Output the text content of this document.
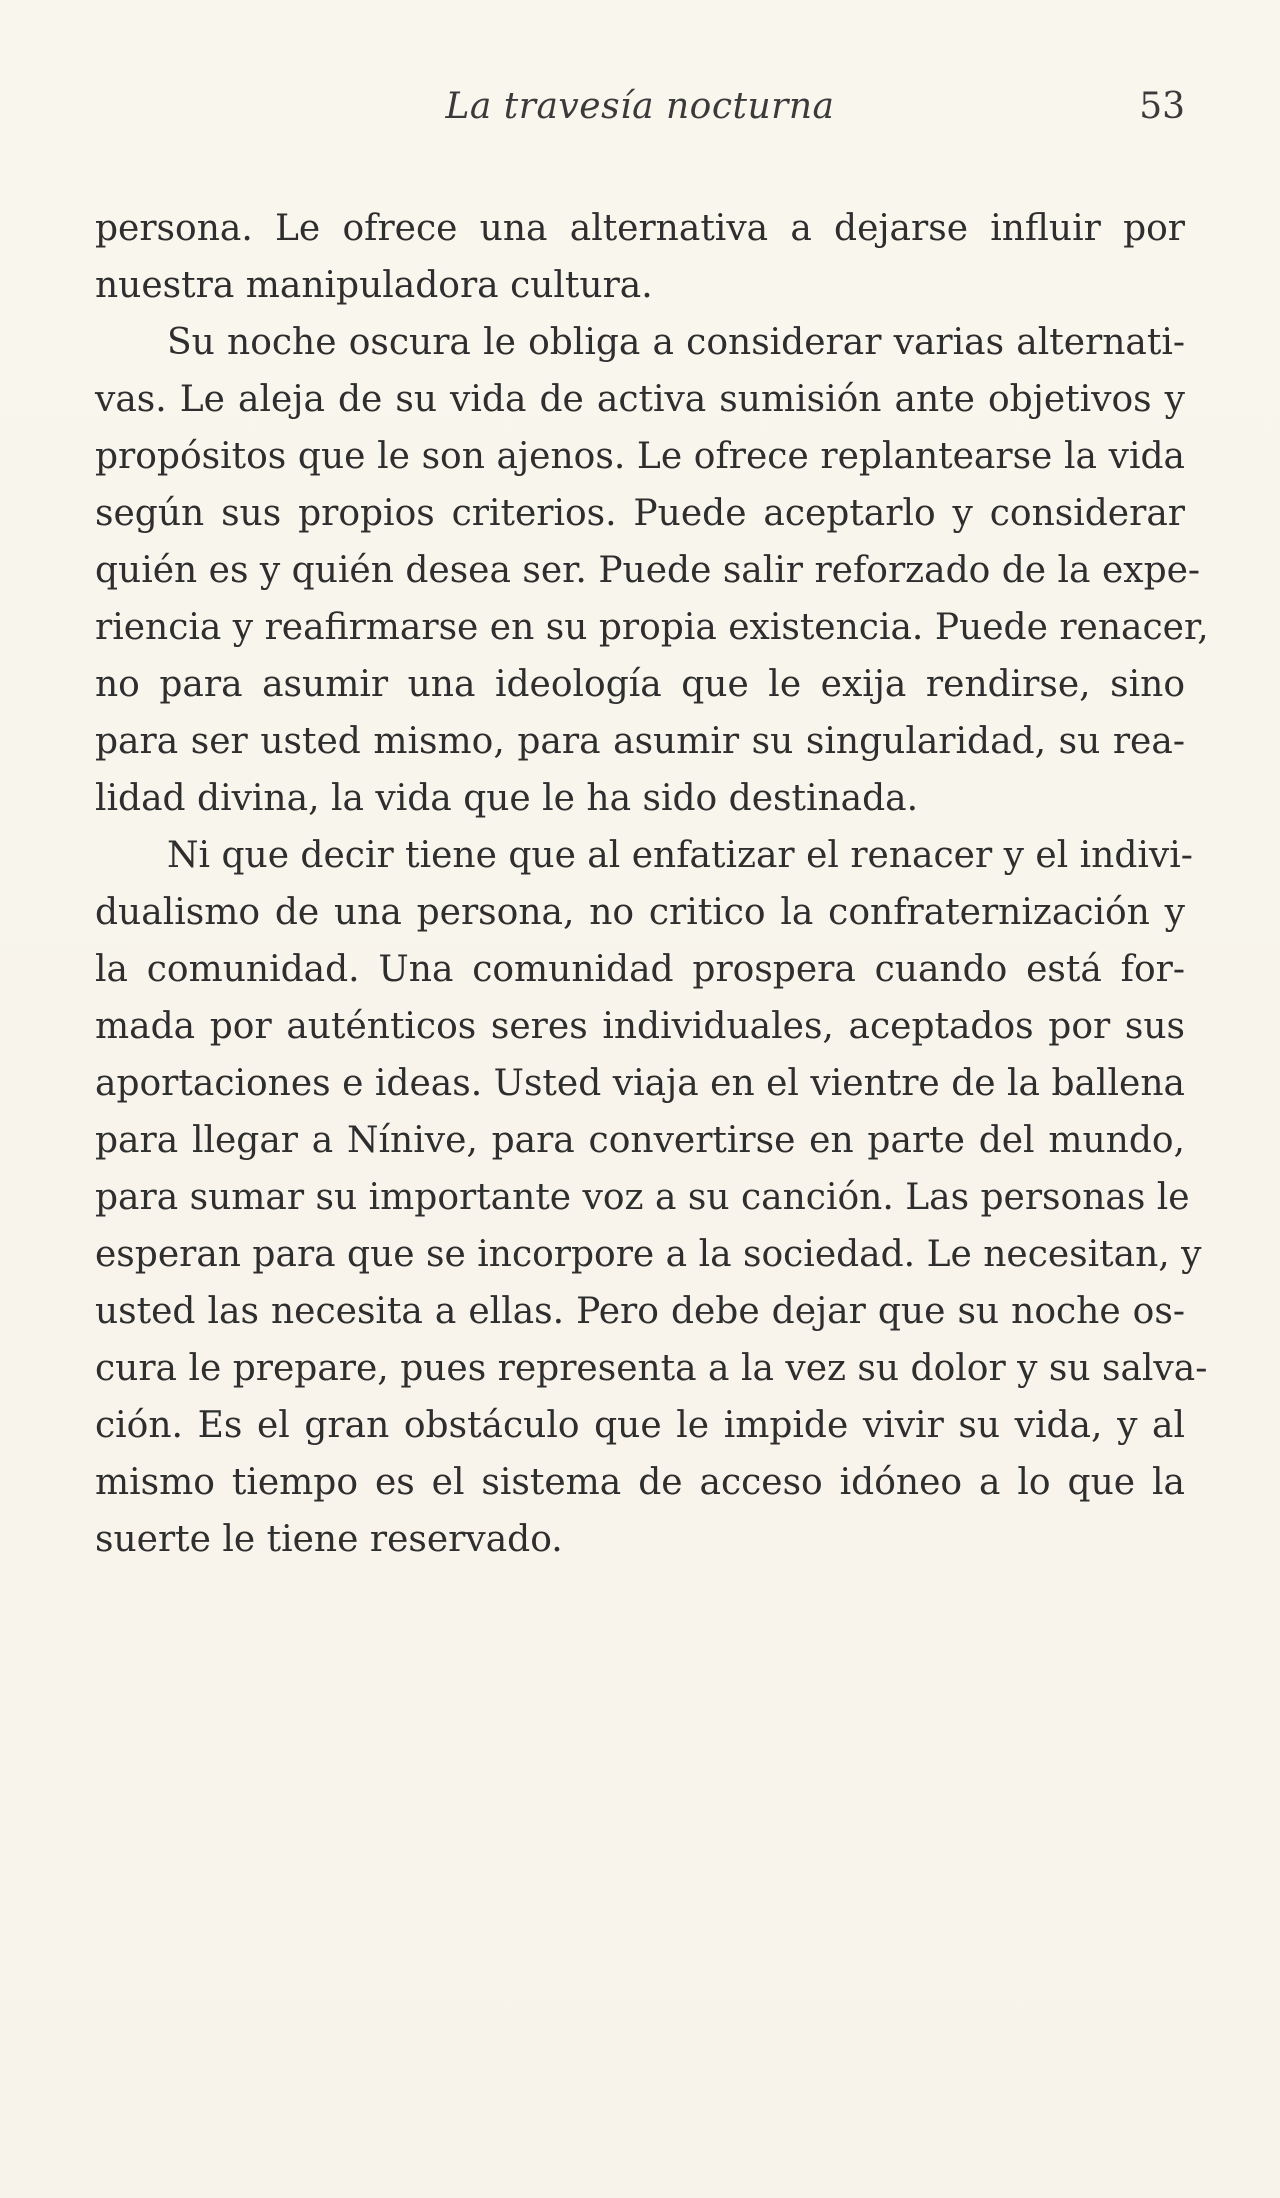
La travesía nocturna	53
persona. Le ofrece una alternativa a dejarse influir por
nuestra manipuladora cultura.
Su noche oscura le obliga a considerar varias alternati-
vas. Le aleja de su vida de activa sumisión ante objetivos y
propósitos que le son ajenos. Le ofrece replantearse la vida
según sus propios criterios. Puede aceptarlo y considerar
quién es y quién desea ser. Puede salir reforzado de la expe-
riencia y reafirmarse en su propia existencia. Puede renacer,
no para asumir una ideología que le exija rendirse, sino
para ser usted mismo, para asumir su singularidad, su rea-
lidad divina, la vida que le ha sido destinada.
Ni que decir tiene que al enfatizar el renacer y el indivi-
dualismo de una persona, no critico la confraternización y
la comunidad. Una comunidad prospera cuando está for-
mada por auténticos seres individuales, aceptados por sus
aportaciones e ideas. Usted viaja en el vientre de la ballena
para llegar a Nínive, para convertirse en parte del mundo,
para sumar su importante voz a su canción. Las personas le
esperan para que se incorpore a la sociedad. Le necesitan, y
usted las necesita a ellas. Pero debe dejar que su noche os-
cura le prepare, pues representa a la vez su dolor y su salva-
ción. Es el gran obstáculo que le impide vivir su vida, y al
mismo tiempo es el sistema de acceso idóneo a lo que la
suerte le tiene reservado.
